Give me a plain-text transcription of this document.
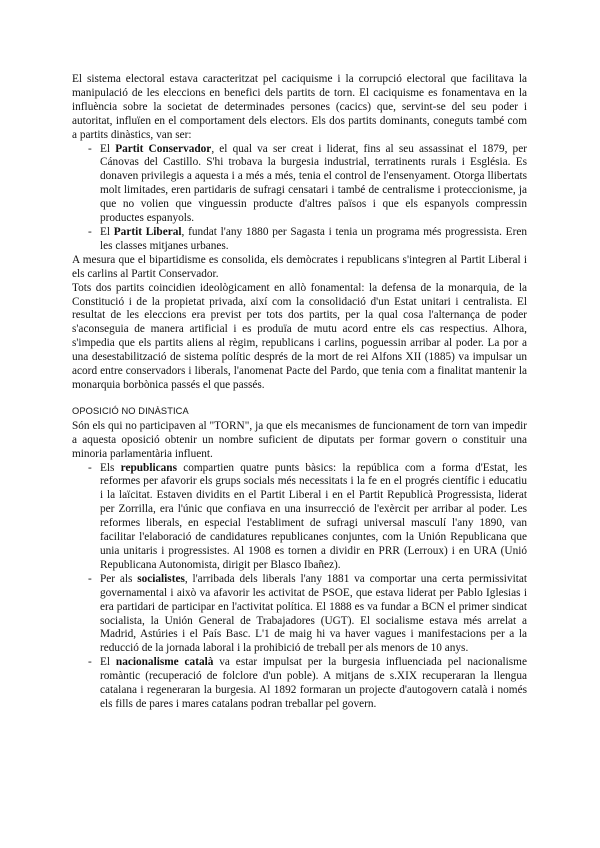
El sistema electoral estava caracteritzat pel caciquisme i la corrupció electoral que facilitava la manipulació de les eleccions en benefici dels partits de torn. El caciquisme es fonamentava en la influència sobre la societat de determinades persones (cacics) que, servint-se del seu poder i autoritat, influïen en el comportament dels electors. Els dos partits dominants, coneguts també com a partits dinàstics, van ser:

- El Partit Conservador, el qual va ser creat i liderat, fins al seu assassinat el 1879, per Cánovas del Castillo. S'hi trobava la burgesia industrial, terratinents rurals i Església. Es donaven privilegis a aquesta i a més a més, tenia el control de l'ensenyament. Otorga llibertats molt limitades, eren partidaris de sufragi censatari i també de centralisme i proteccionisme, ja que no volien que vinguessin producte d'altres països i que els espanyols compressin productes espanyols.
- El Partit Liberal, fundat l'any 1880 per Sagasta i tenia un programa més progressista. Eren les classes mitjanes urbanes.

A mesura que el bipartidisme es consolida, els demòcrates i republicans s'integren al Partit Liberal i els carlins al Partit Conservador.

Tots dos partits coincidien ideològicament en allò fonamental: la defensa de la monarquia, de la Constitució i de la propietat privada, així com la consolidació d'un Estat unitari i centralista. El resultat de les eleccions era previst per tots dos partits, per la qual cosa l'alternança de poder s'aconseguia de manera artificial i es produïa de mutu acord entre els cas respectius. Alhora, s'impedia que els partits aliens al règim, republicans i carlins, poguessin arribar al poder. La por a una desestabilització de sistema polític després de la mort de rei Alfons XII (1885) va impulsar un acord entre conservadors i liberals, l'anomenat Pacte del Pardo, que tenia com a finalitat mantenir la monarquia borbònica passés el que passés.

OPOSICIÓ NO DINÀSTICA

Són els qui no participaven al "TORN", ja que els mecanismes de funcionament de torn van impedir a aquesta oposició obtenir un nombre suficient de diputats per formar govern o constituir una minoria parlamentària influent.

- Els republicans compartien quatre punts bàsics: la república com a forma d'Estat, les reformes per afavorir els grups socials més necessitats i la fe en el progrés científic i educatiu i la laïcitat. Estaven dividits en el Partit Liberal i en el Partit Republicà Progressista, liderat per Zorrilla, era l'únic que confiava en una insurrecció de l'exèrcit per arribar al poder. Les reformes liberals, en especial l'establiment de sufragi universal masculí l'any 1890, van facilitar l'elaboració de candidatures republicanes conjuntes, com la Unión Republicana que unia unitaris i progressistes. Al 1908 es tornen a dividir en PRR (Lerroux) i en URA (Unió Republicana Autonomista, dirigit per Blasco Ibañez).
- Per als socialistes, l'arribada dels liberals l'any 1881 va comportar una certa permissivitat governamental i això va afavorir les activitat de PSOE, que estava liderat per Pablo Iglesias i era partidari de participar en l'activitat política. El 1888 es va fundar a BCN el primer sindicat socialista, la Unión General de Trabajadores (UGT). El socialisme estava més arrelat a Madrid, Astúries i el País Basc. L'1 de maig hi va haver vagues i manifestacions per a la reducció de la jornada laboral i la prohibició de treball per als menors de 10 anys.
- El nacionalisme català va estar impulsat per la burgesia influenciada pel nacionalisme romàntic (recuperació de folclore d'un poble). A mitjans de s.XIX recuperaran la llengua catalana i regeneraran la burgesia. Al 1892 formaran un projecte d'autogovern català i només els fills de pares i mares catalans podran treballar pel govern.
